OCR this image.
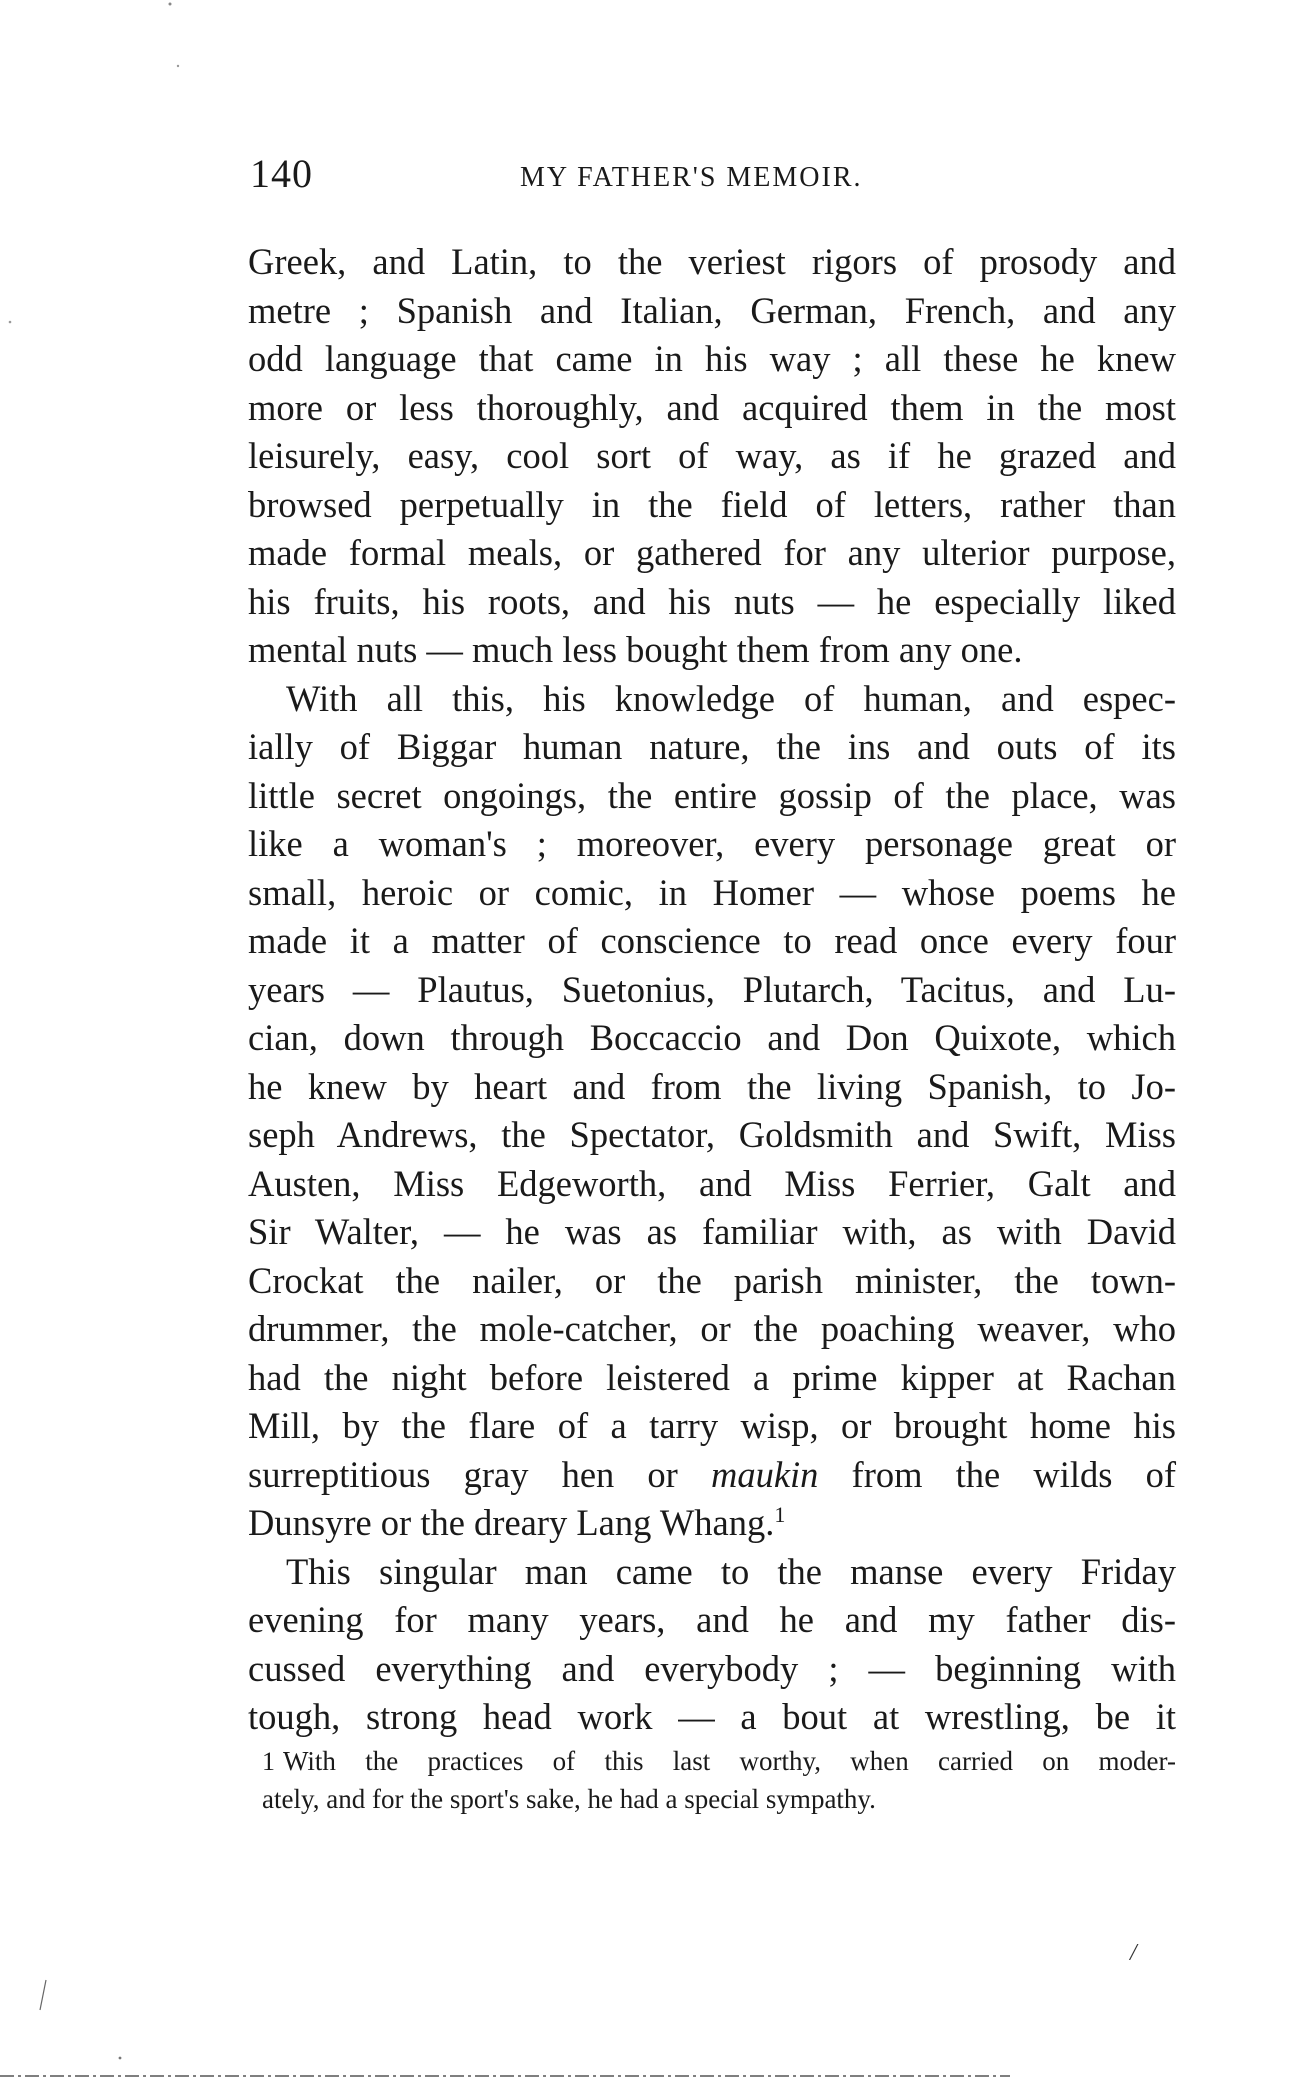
140	MY FATHER'S MEMOIR.
Greek, and Latin, to the veriest rigors of prosody and
metre ; Spanish and Italian, German, French, and any
odd language that came in his way ; all these he knew
more or less thoroughly, and acquired them in the most
leisurely, easy, cool sort of way, as if he grazed and
browsed perpetually in the field of letters, rather than
made formal meals, or gathered for any ulterior purpose,
his fruits, his roots, and his nuts — he especially liked
mental nuts — much less bought them from any one.
With all this, his knowledge of human, and espec-
ially of Biggar human nature, the ins and outs of its
little secret ongoings, the entire gossip of the place, was
like a woman's ; moreover, every personage great or
small, heroic or comic, in Homer — whose poems he
made it a matter of conscience to read once every four
years — Plautus, Suetonius, Plutarch, Tacitus, and Lu-
cian, down through Boccaccio and Don Quixote, which
he knew by heart and from the living Spanish, to Jo-
seph Andrews, the Spectator, Goldsmith and Swift, Miss
Austen, Miss Edgeworth, and Miss Ferrier, Galt and
Sir Walter, — he was as familiar with, as with David
Crockat the nailer, or the parish minister, the town-
drummer, the mole-catcher, or the poaching weaver, who
had the night before leistered a prime kipper at Rachan
Mill, by the flare of a tarry wisp, or brought home his
surreptitious gray hen or maukin from the wilds of
Dunsyre or the dreary Lang Whang.$^1$
This singular man came to the manse every Friday
evening for many years, and he and my father dis-
cussed everything and everybody ; — beginning with
tough, strong head work — a bout at wrestling, be it
1 With the practices of this last worthy, when carried on moder-
ately, and for the sport's sake, he had a special sympathy.
/
